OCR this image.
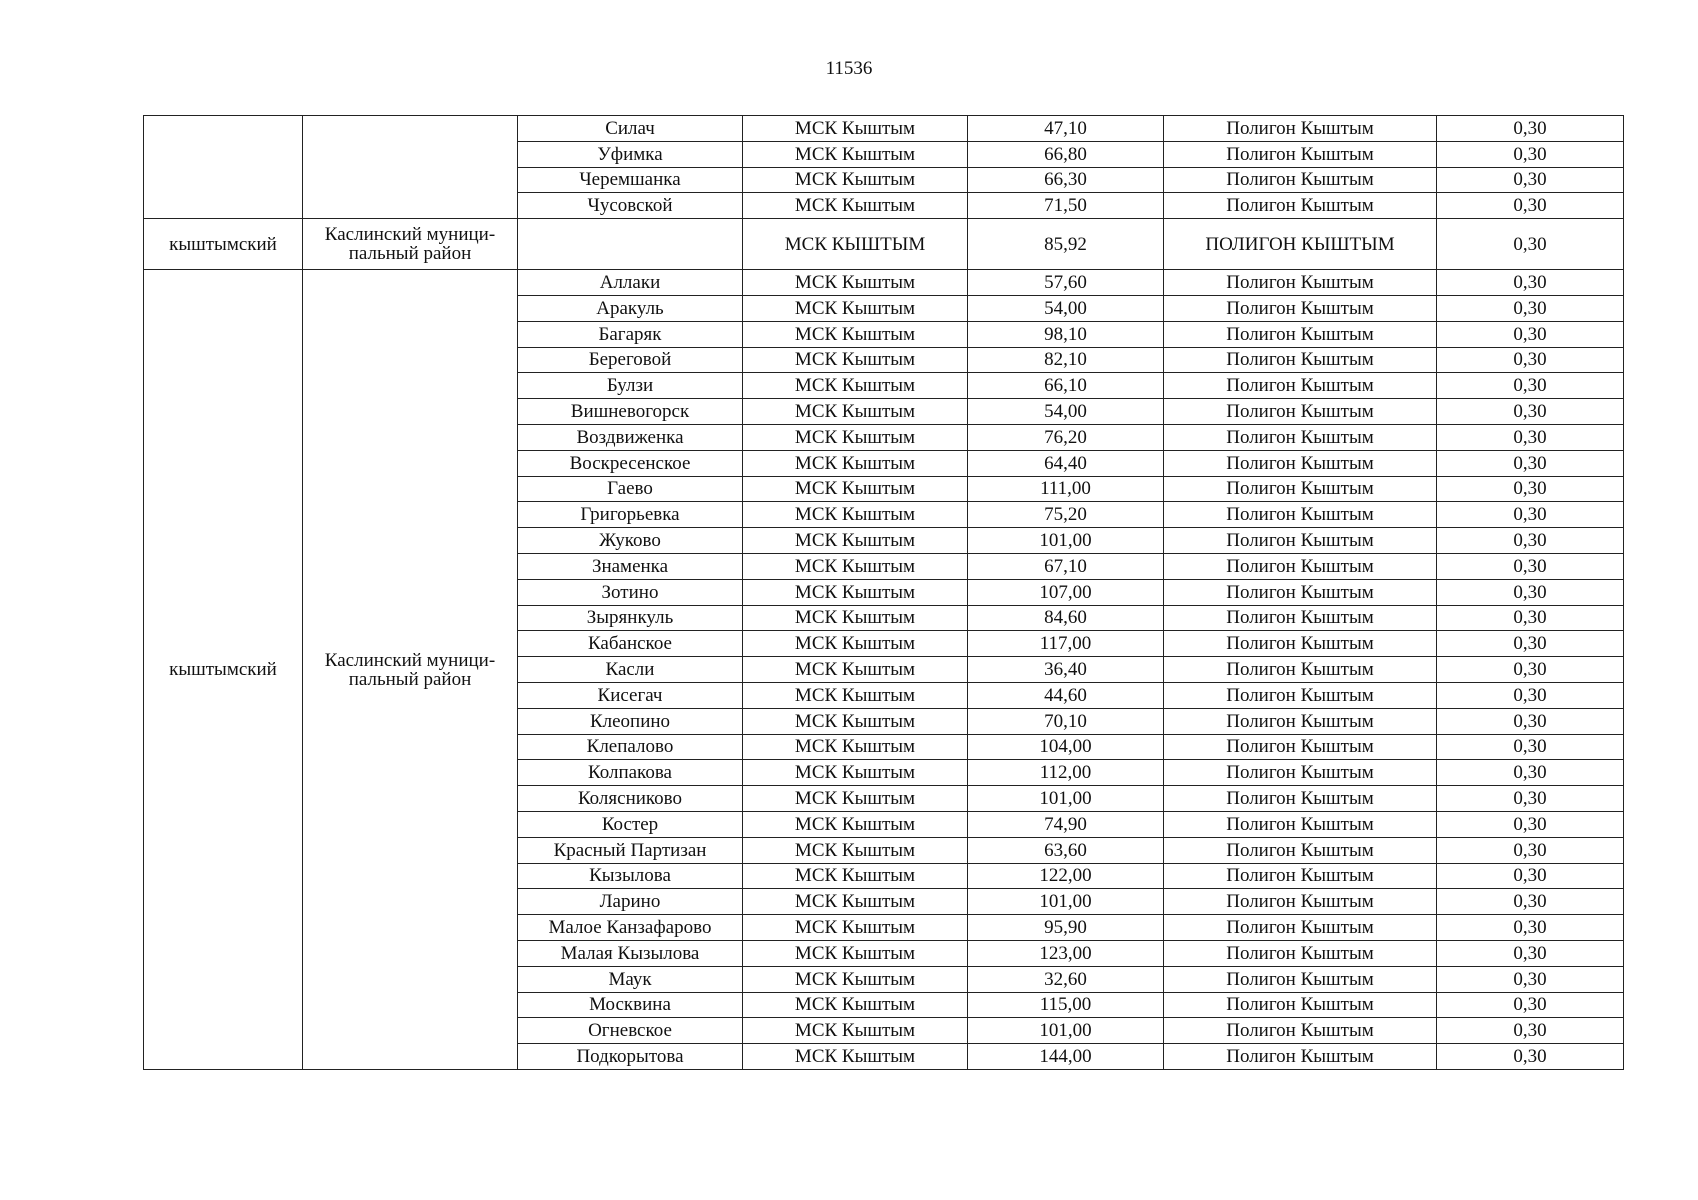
11536
		Силач	МСК Кыштым	47,10	Полигон Кыштым	0,30
		Уфимка	МСК Кыштым	66,80	Полигон Кыштым	0,30
		Черемшанка	МСК Кыштым	66,30	Полигон Кыштым	0,30
		Чусовской	МСК Кыштым	71,50	Полигон Кыштым	0,30
кыштымский	Каслинский муници-пальный район		МСК КЫШТЫМ	85,92	ПОЛИГОН КЫШТЫМ	0,30
кыштымский	Каслинский муници-пальный район	Аллаки	МСК Кыштым	57,60	Полигон Кыштым	0,30
		Аракуль	МСК Кыштым	54,00	Полигон Кыштым	0,30
		Багаряк	МСК Кыштым	98,10	Полигон Кыштым	0,30
		Береговой	МСК Кыштым	82,10	Полигон Кыштым	0,30
		Булзи	МСК Кыштым	66,10	Полигон Кыштым	0,30
		Вишневогорск	МСК Кыштым	54,00	Полигон Кыштым	0,30
		Воздвиженка	МСК Кыштым	76,20	Полигон Кыштым	0,30
		Воскресенское	МСК Кыштым	64,40	Полигон Кыштым	0,30
		Гаево	МСК Кыштым	111,00	Полигон Кыштым	0,30
		Григорьевка	МСК Кыштым	75,20	Полигон Кыштым	0,30
		Жуково	МСК Кыштым	101,00	Полигон Кыштым	0,30
		Знаменка	МСК Кыштым	67,10	Полигон Кыштым	0,30
		Зотино	МСК Кыштым	107,00	Полигон Кыштым	0,30
		Зырянкуль	МСК Кыштым	84,60	Полигон Кыштым	0,30
		Кабанское	МСК Кыштым	117,00	Полигон Кыштым	0,30
		Касли	МСК Кыштым	36,40	Полигон Кыштым	0,30
		Кисегач	МСК Кыштым	44,60	Полигон Кыштым	0,30
		Клеопино	МСК Кыштым	70,10	Полигон Кыштым	0,30
		Клепалово	МСК Кыштым	104,00	Полигон Кыштым	0,30
		Колпакова	МСК Кыштым	112,00	Полигон Кыштым	0,30
		Колясниково	МСК Кыштым	101,00	Полигон Кыштым	0,30
		Костер	МСК Кыштым	74,90	Полигон Кыштым	0,30
		Красный Партизан	МСК Кыштым	63,60	Полигон Кыштым	0,30
		Кызылова	МСК Кыштым	122,00	Полигон Кыштым	0,30
		Ларино	МСК Кыштым	101,00	Полигон Кыштым	0,30
		Малое Канзафарово	МСК Кыштым	95,90	Полигон Кыштым	0,30
		Малая Кызылова	МСК Кыштым	123,00	Полигон Кыштым	0,30
		Маук	МСК Кыштым	32,60	Полигон Кыштым	0,30
		Москвина	МСК Кыштым	115,00	Полигон Кыштым	0,30
		Огневское	МСК Кыштым	101,00	Полигон Кыштым	0,30
		Подкорытова	МСК Кыштым	144,00	Полигон Кыштым	0,30
